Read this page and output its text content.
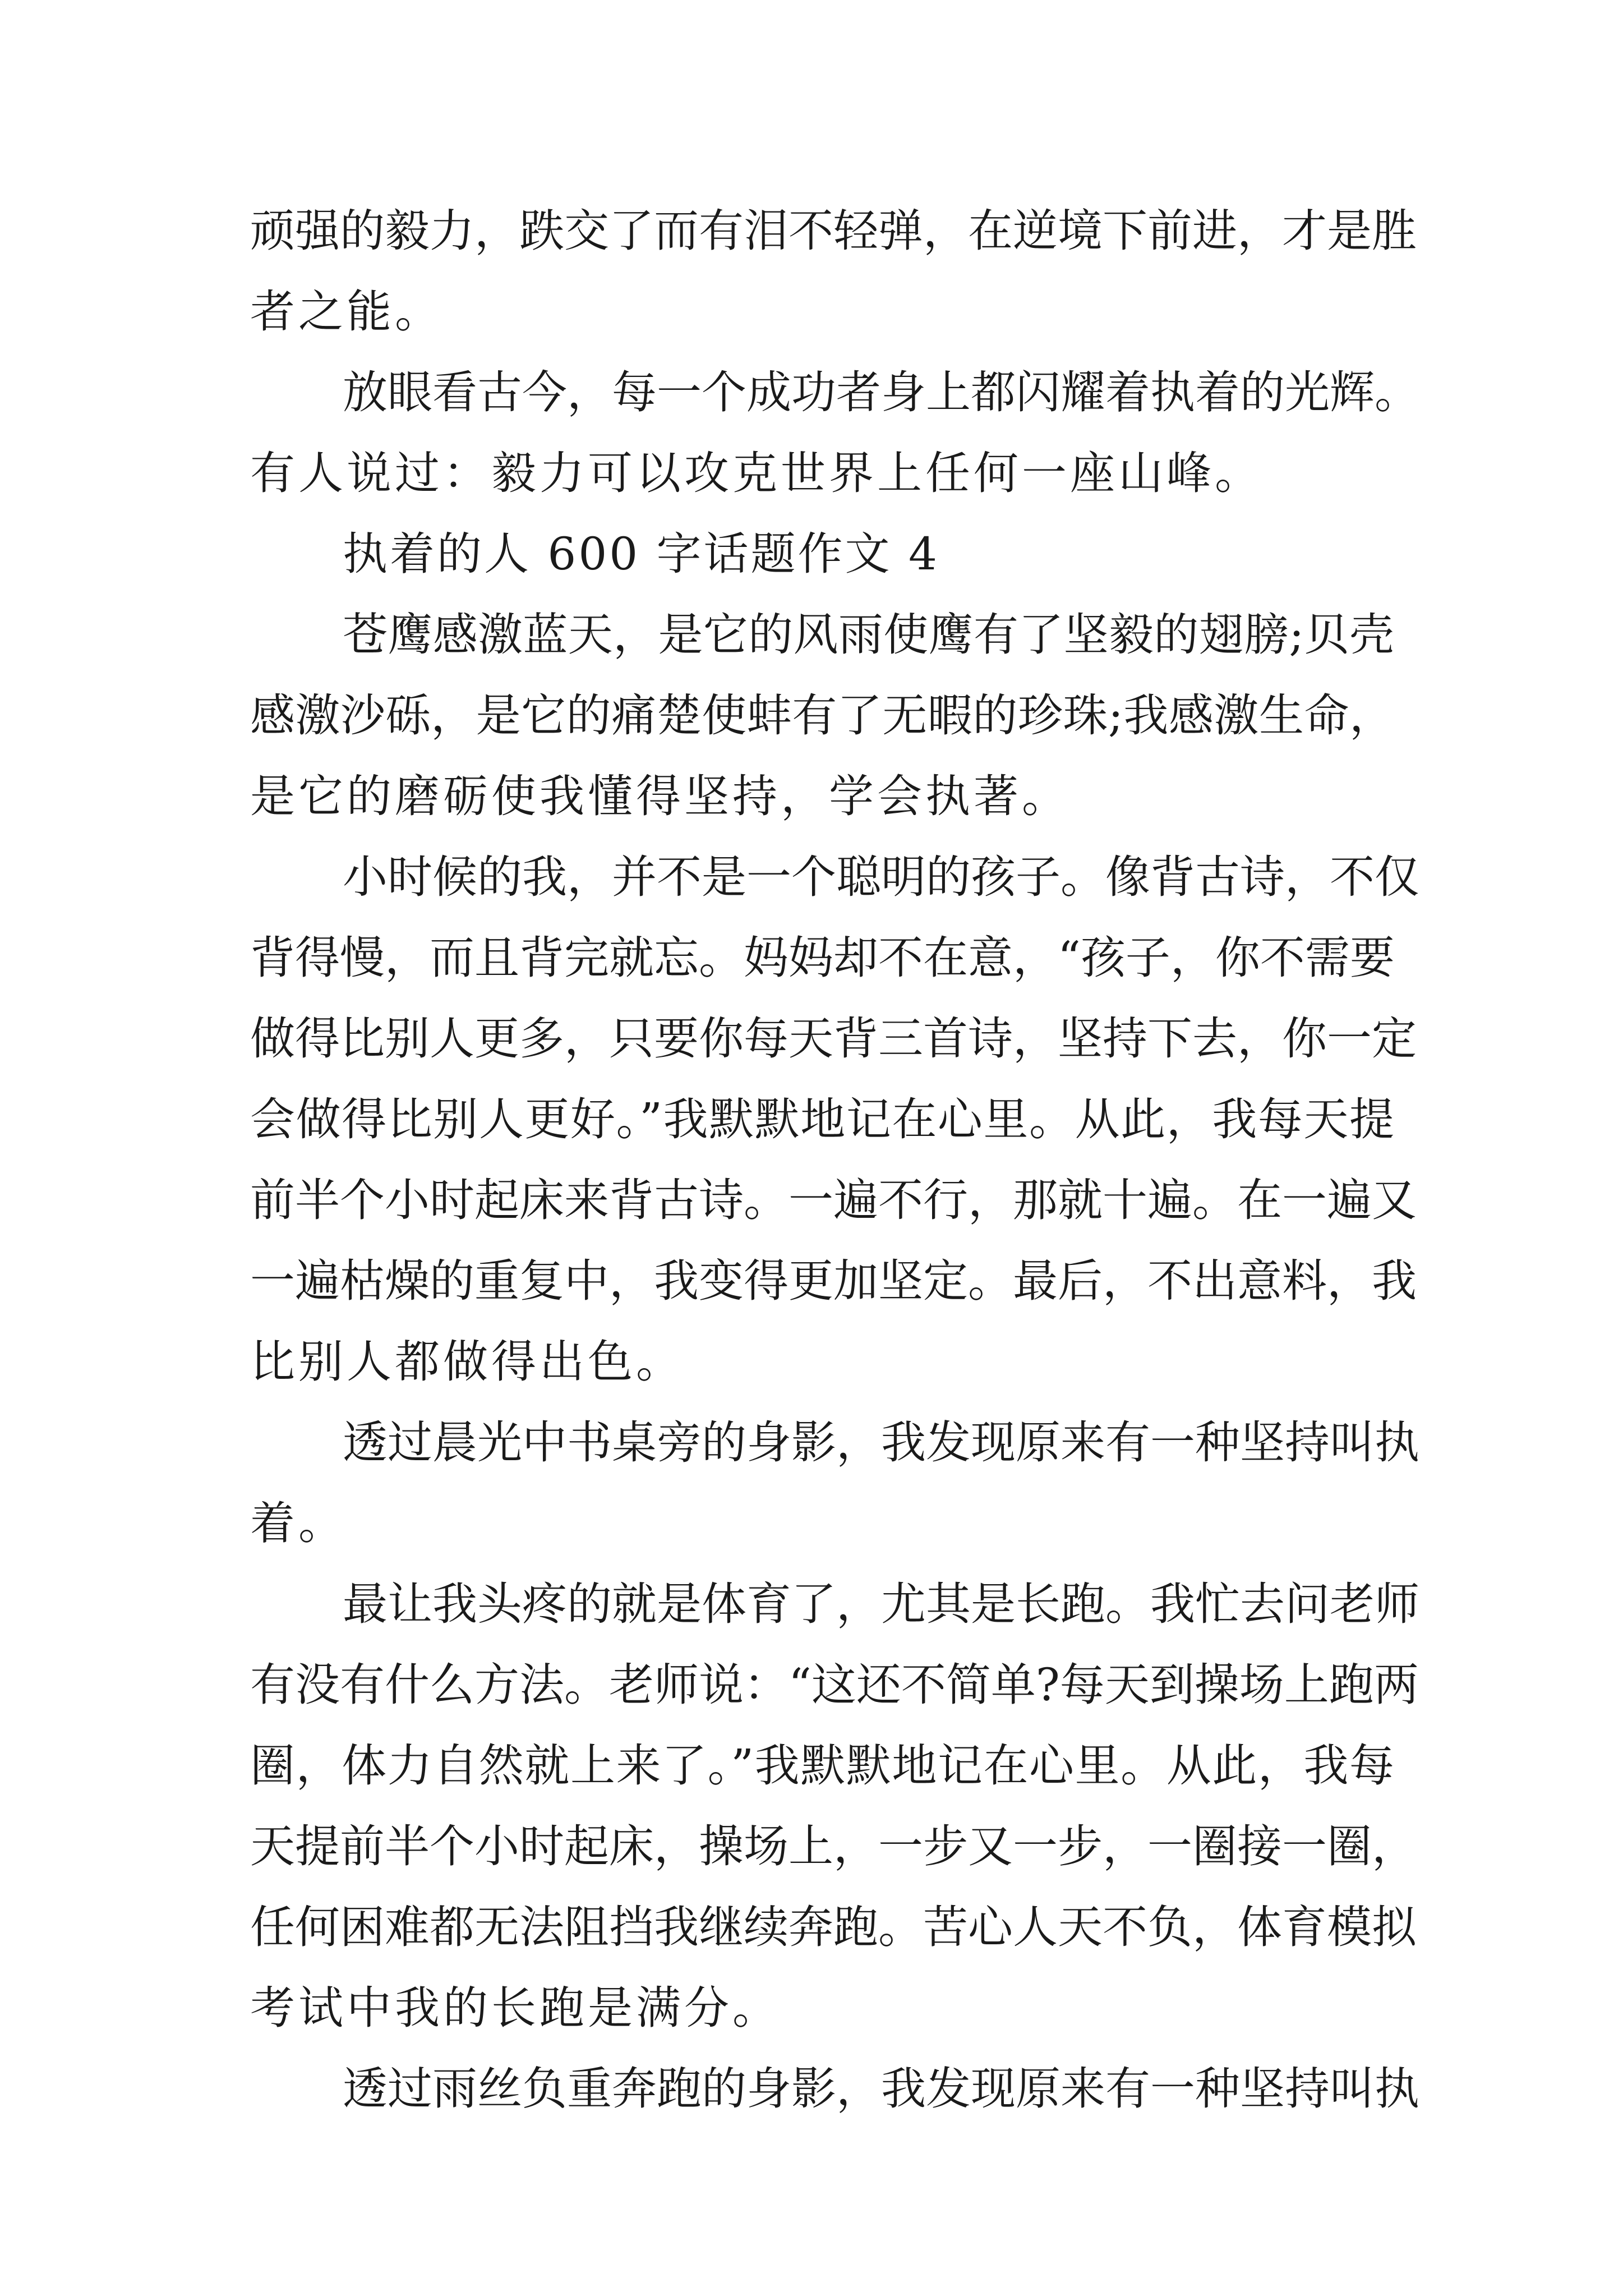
顽强的毅力，跌交了而有泪不轻弹，在逆境下前进，才是胜
者之能。
放眼看古今，每一个成功者身上都闪耀着执着的光辉。
有人说过：毅力可以攻克世界上任何一座山峰。
执着的人 600 字话题作文 4
苍鹰感激蓝天，是它的风雨使鹰有了坚毅的翅膀;贝壳
感激沙砾，是它的痛楚使蚌有了无暇的珍珠;我感激生命，
是它的磨砺使我懂得坚持，学会执著。
小时候的我，并不是一个聪明的孩子。像背古诗，不仅
背得慢，而且背完就忘。妈妈却不在意，“孩子，你不需要
做得比别人更多，只要你每天背三首诗，坚持下去，你一定
会做得比别人更好。”我默默地记在心里。从此，我每天提
前半个小时起床来背古诗。一遍不行，那就十遍。在一遍又
一遍枯燥的重复中，我变得更加坚定。最后，不出意料，我
比别人都做得出色。
透过晨光中书桌旁的身影，我发现原来有一种坚持叫执
着。
最让我头疼的就是体育了，尤其是长跑。我忙去问老师
有没有什么方法。老师说：“这还不简单?每天到操场上跑两
圈，体力自然就上来了。”我默默地记在心里。从此，我每
天提前半个小时起床，操场上，一步又一步，一圈接一圈，
任何困难都无法阻挡我继续奔跑。苦心人天不负，体育模拟
考试中我的长跑是满分。
透过雨丝负重奔跑的身影，我发现原来有一种坚持叫执
